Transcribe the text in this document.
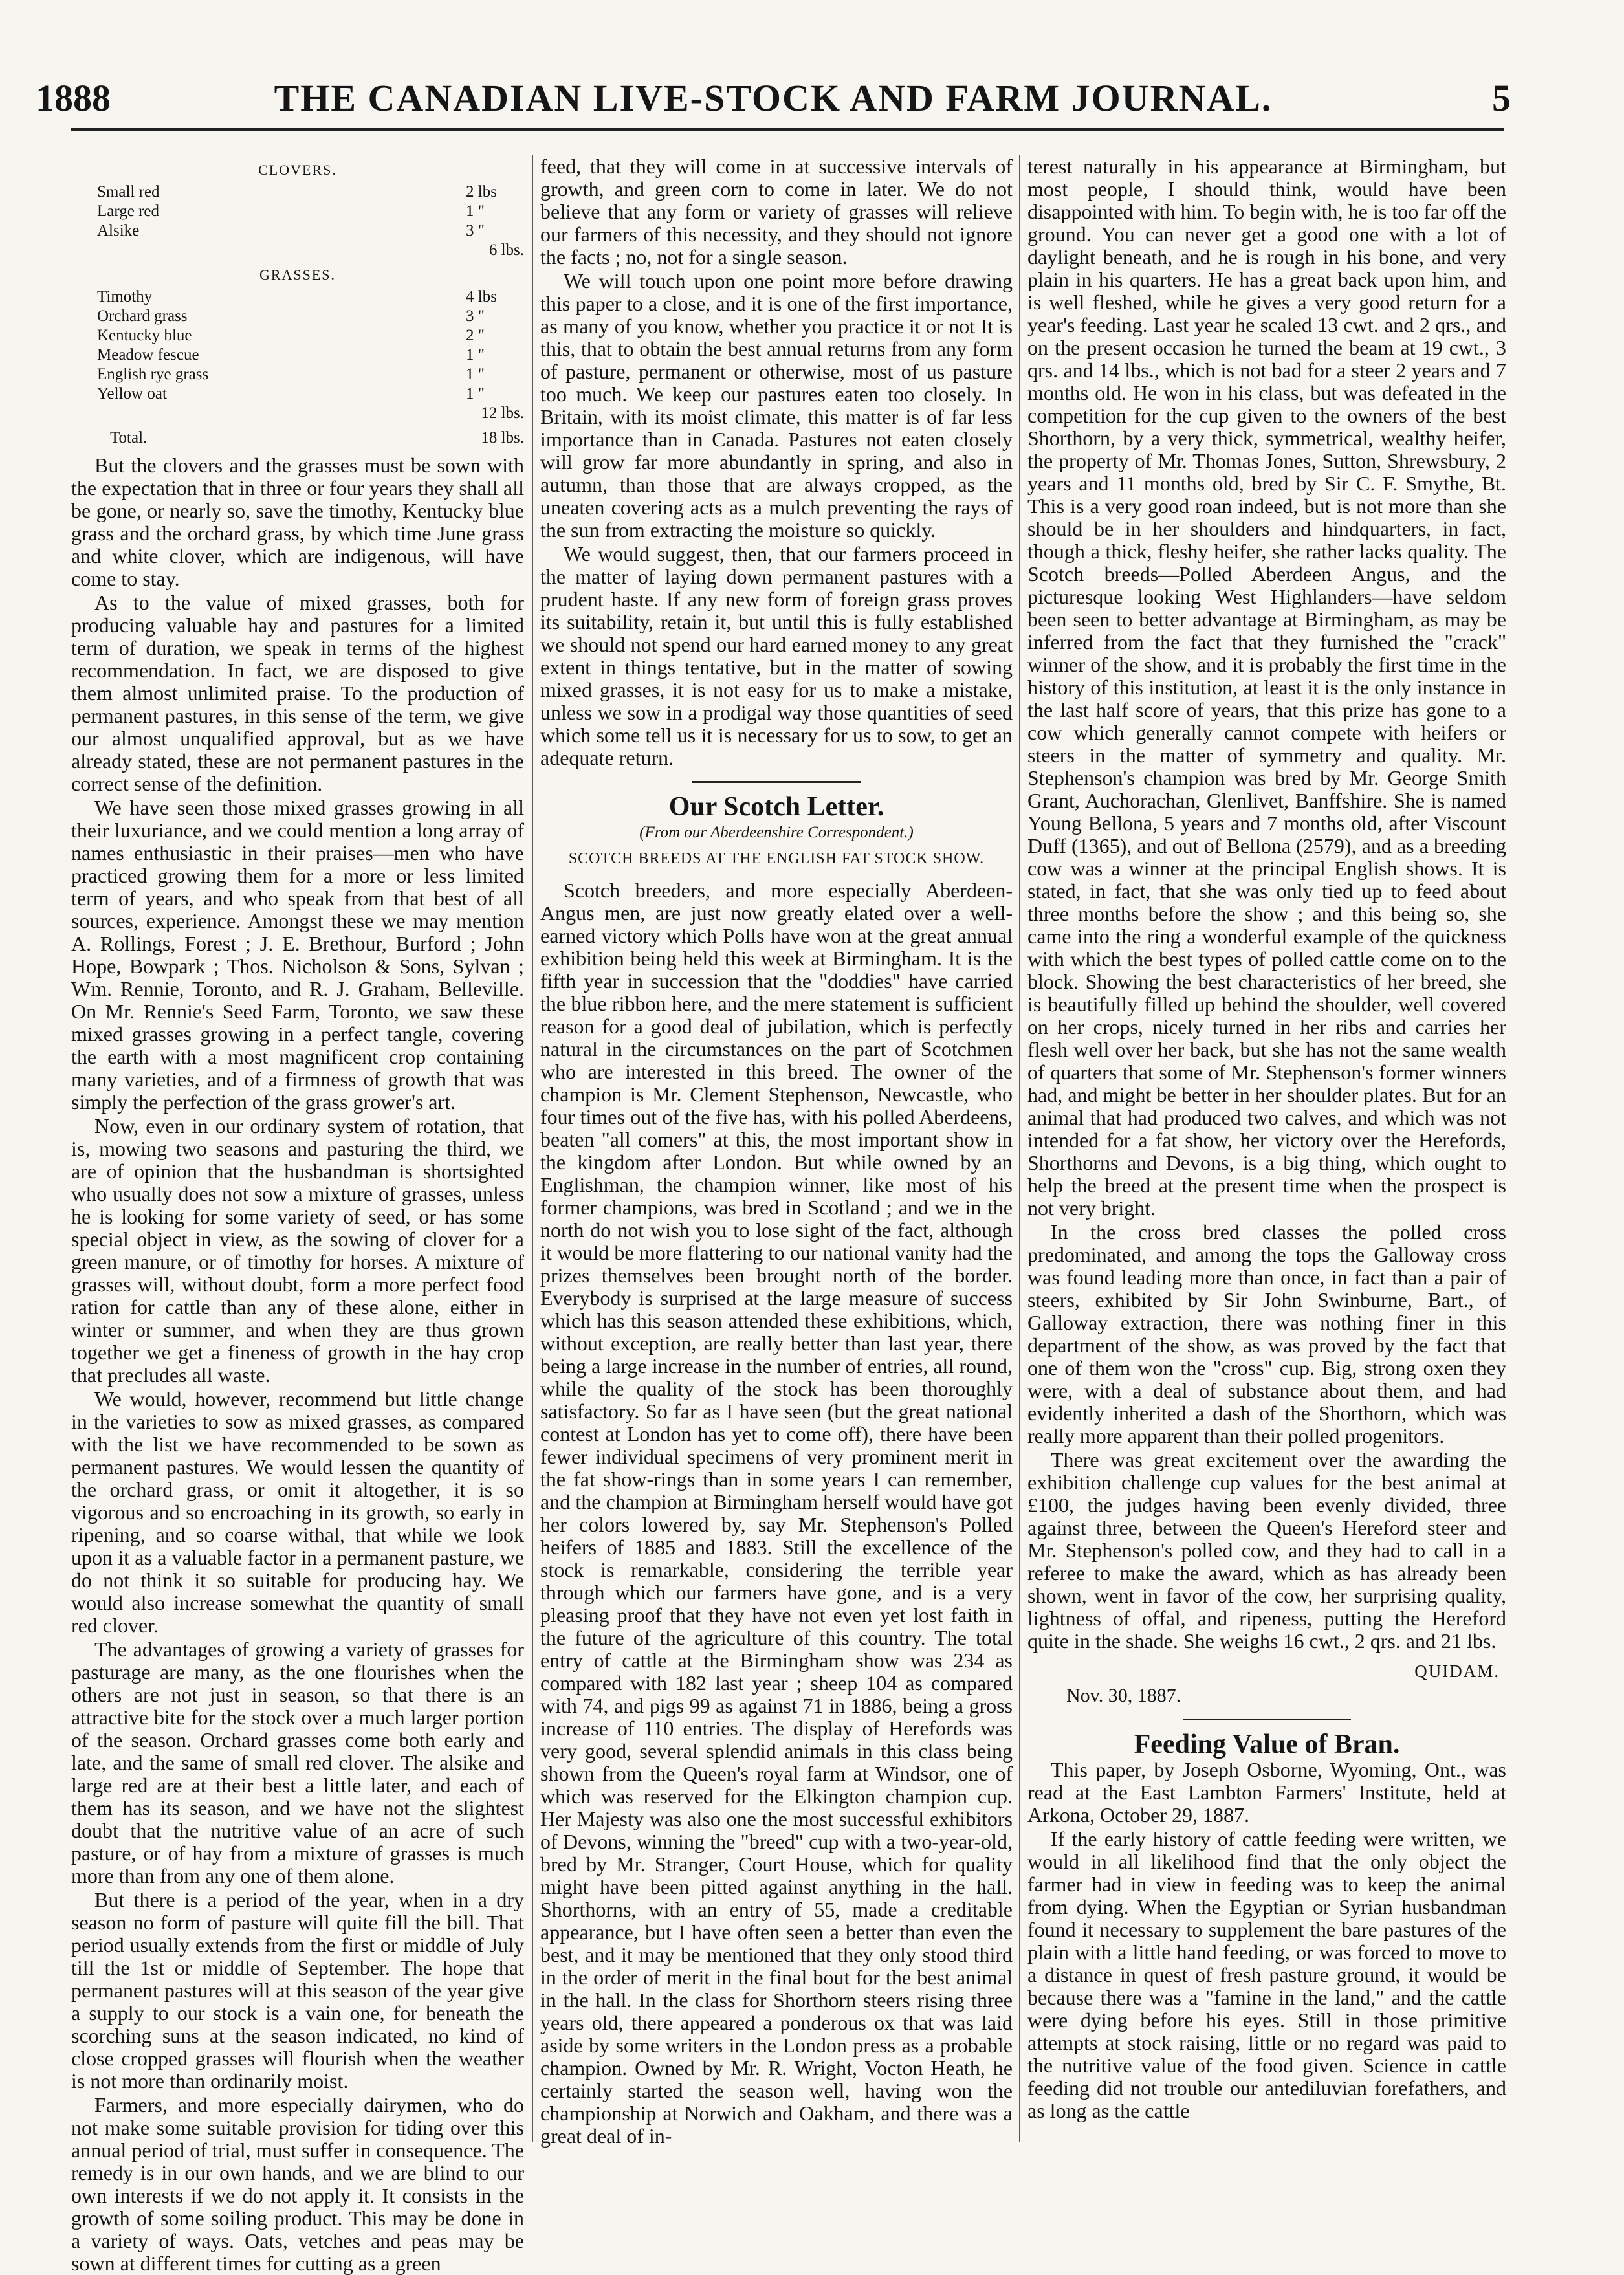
1888	THE CANADIAN LIVE-STOCK AND FARM JOURNAL.	5
CLOVERS.
Small red	2 lbs
Large red	1 "
Alsike	3 "
6 lbs.
GRASSES.
Timothy	4 lbs
Orchard grass	3 "
Kentucky blue	2 "
Meadow fescue	1 "
English rye grass	1 "
Yellow oat	1 "
12 lbs.
Total.	18 lbs.

But the clovers and the grasses must be sown with the expectation that in three or four years they shall all be gone, or nearly so, save the timothy, Kentucky blue grass and the orchard grass, by which time June grass and white clover, which are indigenous, will have come to stay.

As to the value of mixed grasses, both for producing valuable hay and pastures for a limited term of duration, we speak in terms of the highest recommendation. In fact, we are disposed to give them almost unlimited praise. To the production of permanent pastures, in this sense of the term, we give our almost unqualified approval, but as we have already stated, these are not permanent pastures in the correct sense of the definition.

We have seen those mixed grasses growing in all their luxuriance, and we could mention a long array of names enthusiastic in their praises—men who have practiced growing them for a more or less limited term of years, and who speak from that best of all sources, experience. Amongst these we may mention A. Rollings, Forest ; J. E. Brethour, Burford ; John Hope, Bowpark ; Thos. Nicholson & Sons, Sylvan ; Wm. Rennie, Toronto, and R. J. Graham, Belleville. On Mr. Rennie's Seed Farm, Toronto, we saw these mixed grasses growing in a perfect tangle, covering the earth with a most magnificent crop containing many varieties, and of a firmness of growth that was simply the perfection of the grass grower's art.

Now, even in our ordinary system of rotation, that is, mowing two seasons and pasturing the third, we are of opinion that the husbandman is shortsighted who usually does not sow a mixture of grasses, unless he is looking for some variety of seed, or has some special object in view, as the sowing of clover for a green manure, or of timothy for horses. A mixture of grasses will, without doubt, form a more perfect food ration for cattle than any of these alone, either in winter or summer, and when they are thus grown together we get a fineness of growth in the hay crop that precludes all waste.

We would, however, recommend but little change in the varieties to sow as mixed grasses, as compared with the list we have recommended to be sown as permanent pastures. We would lessen the quantity of the orchard grass, or omit it altogether, it is so vigorous and so encroaching in its growth, so early in ripening, and so coarse withal, that while we look upon it as a valuable factor in a permanent pasture, we do not think it so suitable for producing hay. We would also increase somewhat the quantity of small red clover.

The advantages of growing a variety of grasses for pasturage are many, as the one flourishes when the others are not just in season, so that there is an attractive bite for the stock over a much larger portion of the season. Orchard grasses come both early and late, and the same of small red clover. The alsike and large red are at their best a little later, and each of them has its season, and we have not the slightest doubt that the nutritive value of an acre of such pasture, or of hay from a mixture of grasses is much more than from any one of them alone.

But there is a period of the year, when in a dry season no form of pasture will quite fill the bill. That period usually extends from the first or middle of July till the 1st or middle of September. The hope that permanent pastures will at this season of the year give a supply to our stock is a vain one, for beneath the scorching suns at the season indicated, no kind of close cropped grasses will flourish when the weather is not more than ordinarily moist.

Farmers, and more especially dairymen, who do not make some suitable provision for tiding over this annual period of trial, must suffer in consequence. The remedy is in our own hands, and we are blind to our own interests if we do not apply it. It consists in the growth of some soiling product. This may be done in a variety of ways. Oats, vetches and peas may be sown at different times for cutting as a green

feed, that they will come in at successive intervals of growth, and green corn to come in later. We do not believe that any form or variety of grasses will relieve our farmers of this necessity, and they should not ignore the facts ; no, not for a single season.

We will touch upon one point more before drawing this paper to a close, and it is one of the first importance, as many of you know, whether you practice it or not It is this, that to obtain the best annual returns from any form of pasture, permanent or otherwise, most of us pasture too much. We keep our pastures eaten too closely. In Britain, with its moist climate, this matter is of far less importance than in Canada. Pastures not eaten closely will grow far more abundantly in spring, and also in autumn, than those that are always cropped, as the uneaten covering acts as a mulch preventing the rays of the sun from extracting the moisture so quickly.

We would suggest, then, that our farmers proceed in the matter of laying down permanent pastures with a prudent haste. If any new form of foreign grass proves its suitability, retain it, but until this is fully established we should not spend our hard earned money to any great extent in things tentative, but in the matter of sowing mixed grasses, it is not easy for us to make a mistake, unless we sow in a prodigal way those quantities of seed which some tell us it is necessary for us to sow, to get an adequate return.

Our Scotch Letter.
(From our Aberdeenshire Correspondent.)
SCOTCH BREEDS AT THE ENGLISH FAT STOCK SHOW.

Scotch breeders, and more especially Aberdeen-Angus men, are just now greatly elated over a well-earned victory which Polls have won at the great annual exhibition being held this week at Birmingham. It is the fifth year in succession that the "doddies" have carried the blue ribbon here, and the mere statement is sufficient reason for a good deal of jubilation, which is perfectly natural in the circumstances on the part of Scotchmen who are interested in this breed. The owner of the champion is Mr. Clement Stephenson, Newcastle, who four times out of the five has, with his polled Aberdeens, beaten "all comers" at this, the most important show in the kingdom after London. But while owned by an Englishman, the champion winner, like most of his former champions, was bred in Scotland ; and we in the north do not wish you to lose sight of the fact, although it would be more flattering to our national vanity had the prizes themselves been brought north of the border. Everybody is surprised at the large measure of success which has this season attended these exhibitions, which, without exception, are really better than last year, there being a large increase in the number of entries, all round, while the quality of the stock has been thoroughly satisfactory. So far as I have seen (but the great national contest at London has yet to come off), there have been fewer individual specimens of very prominent merit in the fat show-rings than in some years I can remember, and the champion at Birmingham herself would have got her colors lowered by, say Mr. Stephenson's Polled heifers of 1885 and 1883. Still the excellence of the stock is remarkable, considering the terrible year through which our farmers have gone, and is a very pleasing proof that they have not even yet lost faith in the future of the agriculture of this country. The total entry of cattle at the Birmingham show was 234 as compared with 182 last year ; sheep 104 as compared with 74, and pigs 99 as against 71 in 1886, being a gross increase of 110 entries. The display of Herefords was very good, several splendid animals in this class being shown from the Queen's royal farm at Windsor, one of which was reserved for the Elkington champion cup. Her Majesty was also one the most successful exhibitors of Devons, winning the "breed" cup with a two-year-old, bred by Mr. Stranger, Court House, which for quality might have been pitted against anything in the hall. Shorthorns, with an entry of 55, made a creditable appearance, but I have often seen a better than even the best, and it may be mentioned that they only stood third in the order of merit in the final bout for the best animal in the hall. In the class for Shorthorn steers rising three years old, there appeared a ponderous ox that was laid aside by some writers in the London press as a probable champion. Owned by Mr. R. Wright, Vocton Heath, he certainly started the season well, having won the championship at Norwich and Oakham, and there was a great deal of in-

terest naturally in his appearance at Birmingham, but most people, I should think, would have been disappointed with him. To begin with, he is too far off the ground. You can never get a good one with a lot of daylight beneath, and he is rough in his bone, and very plain in his quarters. He has a great back upon him, and is well fleshed, while he gives a very good return for a year's feeding. Last year he scaled 13 cwt. and 2 qrs., and on the present occasion he turned the beam at 19 cwt., 3 qrs. and 14 lbs., which is not bad for a steer 2 years and 7 months old. He won in his class, but was defeated in the competition for the cup given to the owners of the best Shorthorn, by a very thick, symmetrical, wealthy heifer, the property of Mr. Thomas Jones, Sutton, Shrewsbury, 2 years and 11 months old, bred by Sir C. F. Smythe, Bt. This is a very good roan indeed, but is not more than she should be in her shoulders and hindquarters, in fact, though a thick, fleshy heifer, she rather lacks quality. The Scotch breeds—Polled Aberdeen Angus, and the picturesque looking West Highlanders—have seldom been seen to better advantage at Birmingham, as may be inferred from the fact that they furnished the "crack" winner of the show, and it is probably the first time in the history of this institution, at least it is the only instance in the last half score of years, that this prize has gone to a cow which generally cannot compete with heifers or steers in the matter of symmetry and quality. Mr. Stephenson's champion was bred by Mr. George Smith Grant, Auchorachan, Glenlivet, Banffshire. She is named Young Bellona, 5 years and 7 months old, after Viscount Duff (1365), and out of Bellona (2579), and as a breeding cow was a winner at the principal English shows. It is stated, in fact, that she was only tied up to feed about three months before the show ; and this being so, she came into the ring a wonderful example of the quickness with which the best types of polled cattle come on to the block. Showing the best characteristics of her breed, she is beautifully filled up behind the shoulder, well covered on her crops, nicely turned in her ribs and carries her flesh well over her back, but she has not the same wealth of quarters that some of Mr. Stephenson's former winners had, and might be better in her shoulder plates. But for an animal that had produced two calves, and which was not intended for a fat show, her victory over the Herefords, Shorthorns and Devons, is a big thing, which ought to help the breed at the present time when the prospect is not very bright.

In the cross bred classes the polled cross predominated, and among the tops the Galloway cross was found leading more than once, in fact than a pair of steers, exhibited by Sir John Swinburne, Bart., of Galloway extraction, there was nothing finer in this department of the show, as was proved by the fact that one of them won the "cross" cup. Big, strong oxen they were, with a deal of substance about them, and had evidently inherited a dash of the Shorthorn, which was really more apparent than their polled progenitors.

There was great excitement over the awarding the exhibition challenge cup values for the best animal at £100, the judges having been evenly divided, three against three, between the Queen's Hereford steer and Mr. Stephenson's polled cow, and they had to call in a referee to make the award, which as has already been shown, went in favor of the cow, her surprising quality, lightness of offal, and ripeness, putting the Hereford quite in the shade. She weighs 16 cwt., 2 qrs. and 21 lbs.

QUIDAM.
Nov. 30, 1887.
Feeding Value of Bran.

This paper, by Joseph Osborne, Wyoming, Ont., was read at the East Lambton Farmers' Institute, held at Arkona, October 29, 1887.

If the early history of cattle feeding were written, we would in all likelihood find that the only object the farmer had in view in feeding was to keep the animal from dying. When the Egyptian or Syrian husbandman found it necessary to supplement the bare pastures of the plain with a little hand feeding, or was forced to move to a distance in quest of fresh pasture ground, it would be because there was a "famine in the land," and the cattle were dying before his eyes. Still in those primitive attempts at stock raising, little or no regard was paid to the nutritive value of the food given. Science in cattle feeding did not trouble our antediluvian forefathers, and as long as the cattle
